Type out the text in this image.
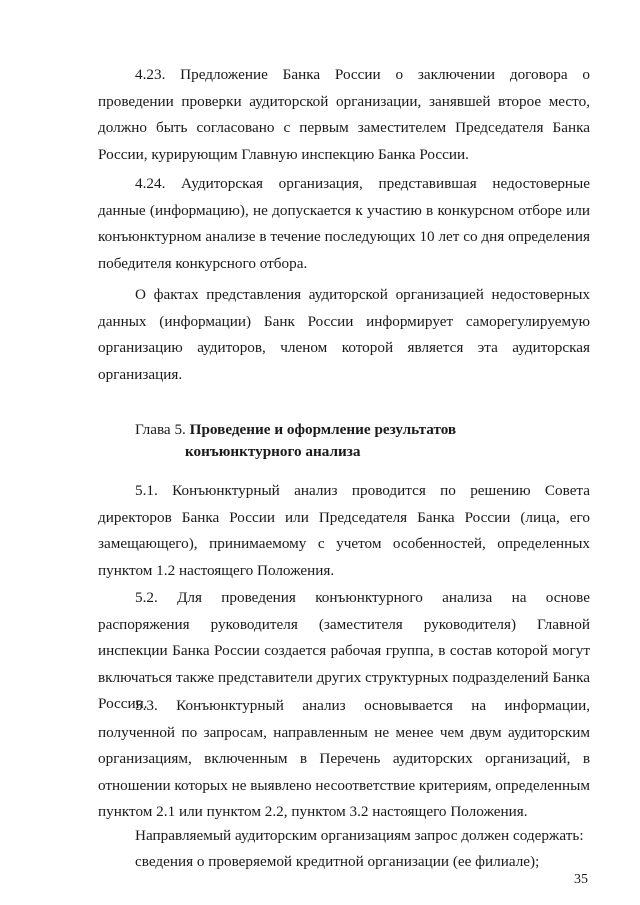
4.23. Предложение Банка России о заключении договора о проведении проверки аудиторской организации, занявшей второе место, должно быть согласовано с первым заместителем Председателя Банка России, курирующим Главную инспекцию Банка России.

4.24. Аудиторская организация, представившая недостоверные данные (информацию), не допускается к участию в конкурсном отборе или конъюнктурном анализе в течение последующих 10 лет со дня определения победителя конкурсного отбора.

О фактах представления аудиторской организацией недостоверных данных (информации) Банк России информирует саморегулируемую организацию аудиторов, членом которой является эта аудиторская организация.

Глава 5. Проведение и оформление результатов
конъюнктурного анализа

5.1. Конъюнктурный анализ проводится по решению Совета директоров Банка России или Председателя Банка России (лица, его замещающего), принимаемому с учетом особенностей, определенных пунктом 1.2 настоящего Положения.

5.2. Для проведения конъюнктурного анализа на основе распоряжения руководителя (заместителя руководителя) Главной инспекции Банка России создается рабочая группа, в состав которой могут включаться также представители других структурных подразделений Банка России.

5.3. Конъюнктурный анализ основывается на информации, полученной по запросам, направленным не менее чем двум аудиторским организациям, включенным в Перечень аудиторских организаций, в отношении которых не выявлено несоответствие критериям, определенным пунктом 2.1 или пунктом 2.2, пунктом 3.2 настоящего Положения.

Направляемый аудиторским организациям запрос должен содержать:

сведения о проверяемой кредитной организации (ее филиале);

35
